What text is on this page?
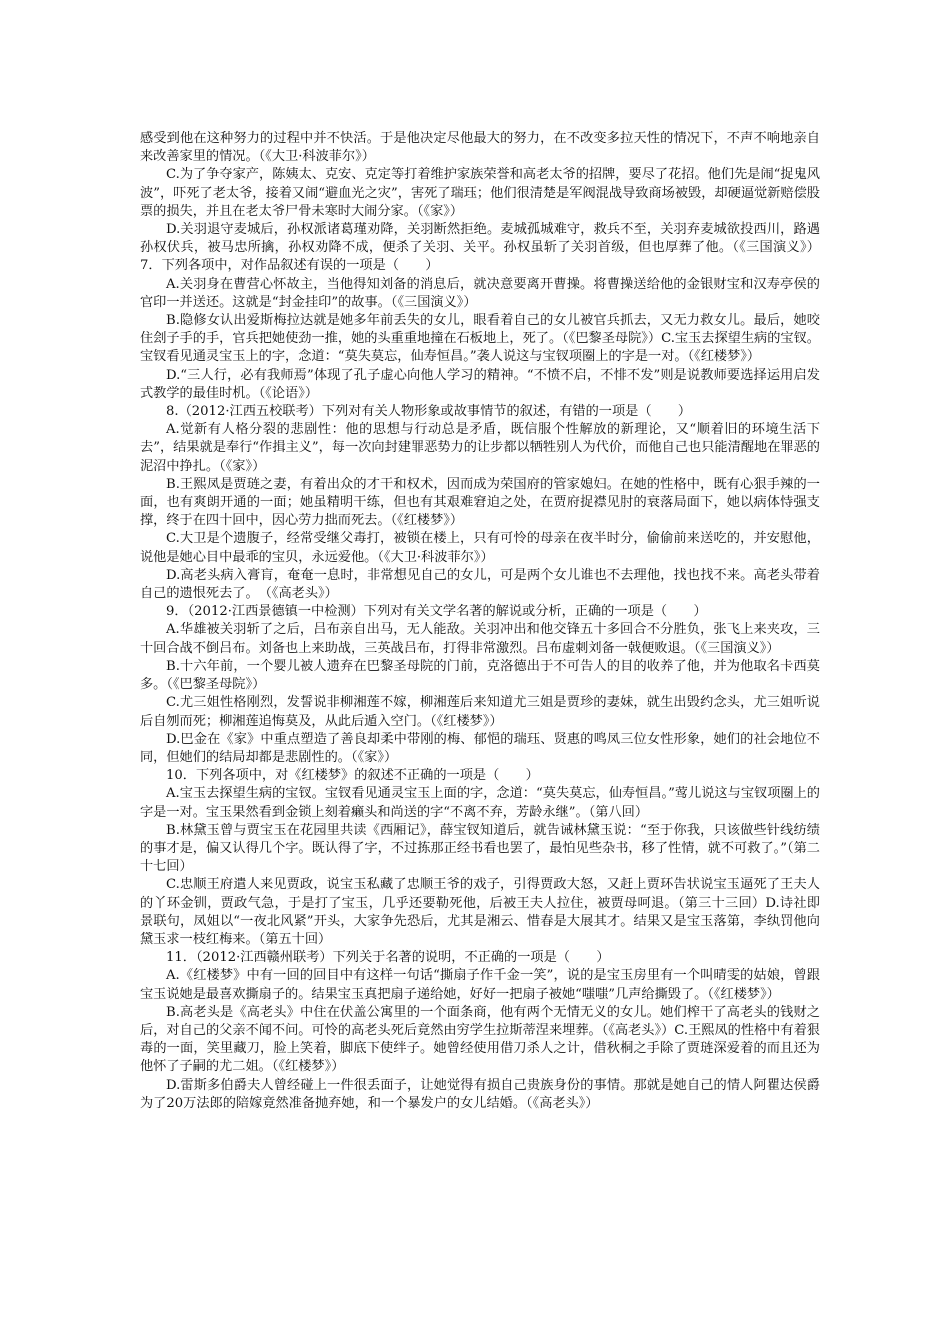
感受到他在这种努力的过程中并不快活。于是他决定尽他最大的努力，在不改变多拉天性的情况下，不声不响地亲自来改善家里的情况。（《大卫·科波菲尔》）

C.为了争夺家产，陈姨太、克安、克定等打着维护家族荣誉和高老太爷的招牌，要尽了花招。他们先是闹“捉鬼风波”，吓死了老太爷，接着又闹“避血光之灾”，害死了瑞珏；他们很清楚是军阀混战导致商场被毁，却硬逼觉新赔偿股票的损失，并且在老太爷尸骨未寒时大闹分家。（《家》）

D.关羽退守麦城后，孙权派诸葛瑾劝降，关羽断然拒绝。麦城孤城难守，救兵不至，关羽弃麦城欲投西川，路遇孙权伏兵，被马忠所擒，孙权劝降不成，便杀了关羽、关平。孙权虽斩了关羽首级，但也厚葬了他。（《三国演义》）7．下列各项中，对作品叙述有误的一项是（　　）

A.关羽身在曹营心怀故主，当他得知刘备的消息后，就决意要离开曹操。将曹操送给他的金银财宝和汉寿亭侯的官印一并送还。这就是“封金挂印”的故事。（《三国演义》）

B.隐修女认出爱斯梅拉达就是她多年前丢失的女儿，眼看着自己的女儿被官兵抓去，又无力救女儿。最后，她咬住刽子手的手，官兵把她使劲一推，她的头重重地撞在石板地上，死了。（《巴黎圣母院》）C.宝玉去探望生病的宝钗。宝钗看见通灵宝玉上的字，念道：“莫失莫忘，仙寿恒昌。”袭人说这与宝钗项圈上的字是一对。（《红楼梦》）

D.“三人行，必有我师焉”体现了孔子虚心向他人学习的精神。“不愤不启，不悱不发”则是说教师要选择运用启发式教学的最佳时机。（《论语》）

8.（2012·江西五校联考）下列对有关人物形象或故事情节的叙述，有错的一项是（　　）

A.觉新有人格分裂的悲剧性：他的思想与行动总是矛盾，既信服个性解放的新理论，又“顺着旧的环境生活下去”，结果就是奉行“作揖主义”，每一次向封建罪恶势力的让步都以牺牲别人为代价，而他自己也只能清醒地在罪恶的泥沼中挣扎。（《家》）

B.王熙凤是贾琏之妻，有着出众的才干和权术，因而成为荣国府的管家媳妇。在她的性格中，既有心狠手辣的一面，也有爽朗开通的一面；她虽精明干练，但也有其艰难窘迫之处，在贾府捉襟见肘的衰落局面下，她以病体恃强支撑，终于在四十回中，因心劳力拙而死去。（《红楼梦》）

C.大卫是个遗腹子，经常受继父毒打，被锁在楼上，只有可怜的母亲在夜半时分，偷偷前来送吃的，并安慰他，说他是她心目中最乖的宝贝，永远爱他。（《大卫·科波菲尔》）

D.高老头病入膏肓，奄奄一息时，非常想见自己的女儿，可是两个女儿谁也不去理他，找也找不来。高老头带着自己的遗恨死去了。　（《高老头》）

9．（2012·江西景德镇一中检测）下列对有关文学名著的解说或分析，正确的一项是（　　）

A.华雄被关羽斩了之后，吕布亲自出马，无人能敌。关羽冲出和他交锋五十多回合不分胜负，张飞上来夹攻，三十回合战不倒吕布。刘备也上来助战，三英战吕布，打得非常激烈。吕布虚刺刘备一戟便败退。（《三国演义》）

B.十六年前，一个婴儿被人遗弃在巴黎圣母院的门前，克洛德出于不可告人的目的收养了他，并为他取名卡西莫多。（《巴黎圣母院》）

C.尤三姐性格刚烈，发誓说非柳湘莲不嫁，柳湘莲后来知道尤三姐是贾珍的妻妹，就生出毁约念头，尤三姐听说后自刎而死；柳湘莲追悔莫及，从此后遁入空门。（《红楼梦》）

D.巴金在《家》中重点塑造了善良却柔中带刚的梅、郁悒的瑞珏、贤惠的鸣凤三位女性形象，她们的社会地位不同，但她们的结局却都是悲剧性的。（《家》）

10．下列各项中，对《红楼梦》的叙述不正确的一项是（　　）

A.宝玉去探望生病的宝钗。宝钗看见通灵宝玉上面的字，念道：“莫失莫忘，仙寿恒昌。”莺儿说这与宝钗项圈上的字是一对。宝玉果然看到金锁上刻着癞头和尚送的字“不离不弃，芳龄永继”。（第八回）

B.林黛玉曾与贾宝玉在花园里共读《西厢记》，薛宝钗知道后，就告诫林黛玉说：“至于你我，只该做些针线纺绩的事才是，偏又认得几个字。既认得了字，不过拣那正经书看也罢了，最怕见些杂书，移了性情，就不可救了。”（第二十七回）

C.忠顺王府遣人来见贾政，说宝玉私藏了忠顺王爷的戏子，引得贾政大怒，又赶上贾环告状说宝玉逼死了王夫人的丫环金钏，贾政气急，于是打了宝玉，几乎还要勒死他，后被王夫人拉住，被贾母呵退。（第三十三回）D.诗社即景联句，凤姐以“一夜北风紧”开头，大家争先恐后，尤其是湘云、惜春是大展其才。结果又是宝玉落第，李纨罚他向黛玉求一枝红梅来。（第五十回）

11．（2012·江西赣州联考）下列关于名著的说明，不正确的一项是（　　）

A.《红楼梦》中有一回的回目中有这样一句话“撕扇子作千金一笑”，说的是宝玉房里有一个叫晴雯的姑娘，曾跟宝玉说她是最喜欢撕扇子的。结果宝玉真把扇子递给她，好好一把扇子被她“嗤嗤”几声给撕毁了。（《红楼梦》）

B.高老头是《高老头》中住在伏盖公寓里的一个面条商，他有两个无情无义的女儿。她们榨干了高老头的钱财之后，对自己的父亲不闻不问。可怜的高老头死后竟然由穷学生拉斯蒂涅来埋葬。（《高老头》）C.王熙凤的性格中有着狠毒的一面，笑里藏刀，脸上笑着，脚底下使绊子。她曾经使用借刀杀人之计，借秋桐之手除了贾琏深爱着的而且还为他怀了子嗣的尤二姐。（《红楼梦》）

D.雷斯多伯爵夫人曾经碰上一件很丢面子，让她觉得有损自己贵族身份的事情。那就是她自己的情人阿瞿达侯爵为了20万法郎的陪嫁竟然准备抛弃她，和一个暴发户的女儿结婚。（《高老头》）
